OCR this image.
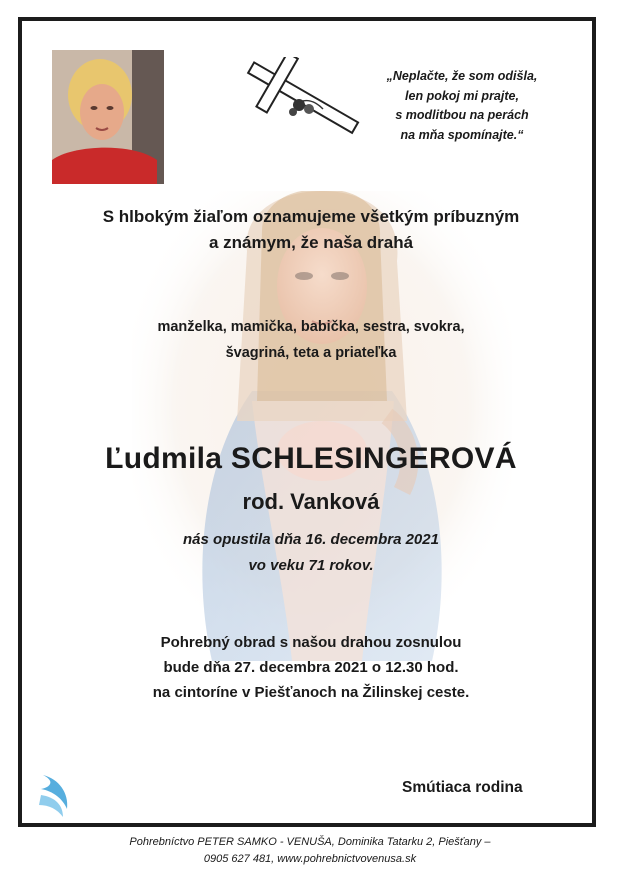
„Neplačte, že som odišla,
len pokoj mi prajte,
s modlitbou na perách
na mňa spomínajte.“
S hlbokým žiaľom oznamujeme všetkým príbuzným
a známym, že naša drahá
manželka, mamička, babička, sestra, svokra,
švagriná, teta a priateľka
Ľudmila SCHLESINGEROVÁ
rod. Vanková
nás opustila dňa 16. decembra 2021
vo veku 71 rokov.
Pohrebný obrad s našou drahou zosnulou
bude dňa 27. decembra 2021 o 12.30 hod.
na cintoríne v Piešťanoch na Žilinskej ceste.
Smútiaca rodina
Pohrebníctvo PETER SAMKO - VENUŠA, Dominika Tatarku 2, Piešťany –
0905 627 481, www.pohrebnictvovenusa.sk
